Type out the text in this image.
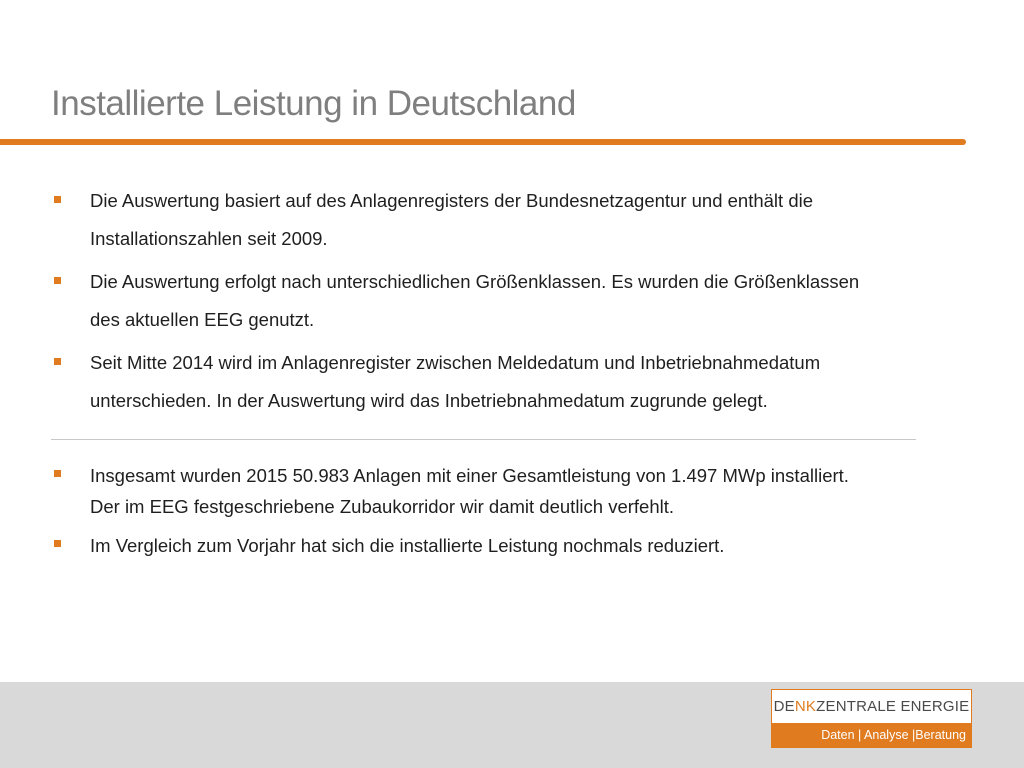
Installierte Leistung in Deutschland
Die Auswertung basiert auf des Anlagenregisters der Bundesnetzagentur und enthält die
Installationszahlen seit 2009.
Die Auswertung erfolgt nach unterschiedlichen Größenklassen. Es wurden die Größenklassen
des aktuellen EEG genutzt.
Seit Mitte 2014 wird im Anlagenregister zwischen Meldedatum und Inbetriebnahmedatum
unterschieden. In der Auswertung wird das Inbetriebnahmedatum zugrunde gelegt.
Insgesamt wurden 2015 50.983 Anlagen mit einer Gesamtleistung von 1.497 MWp installiert.
Der im EEG festgeschriebene Zubaukorridor wir damit deutlich verfehlt.
Im Vergleich zum Vorjahr hat sich die installierte Leistung nochmals reduziert.
DENKZENTRALE ENERGIE
Daten | Analyse |Beratung
